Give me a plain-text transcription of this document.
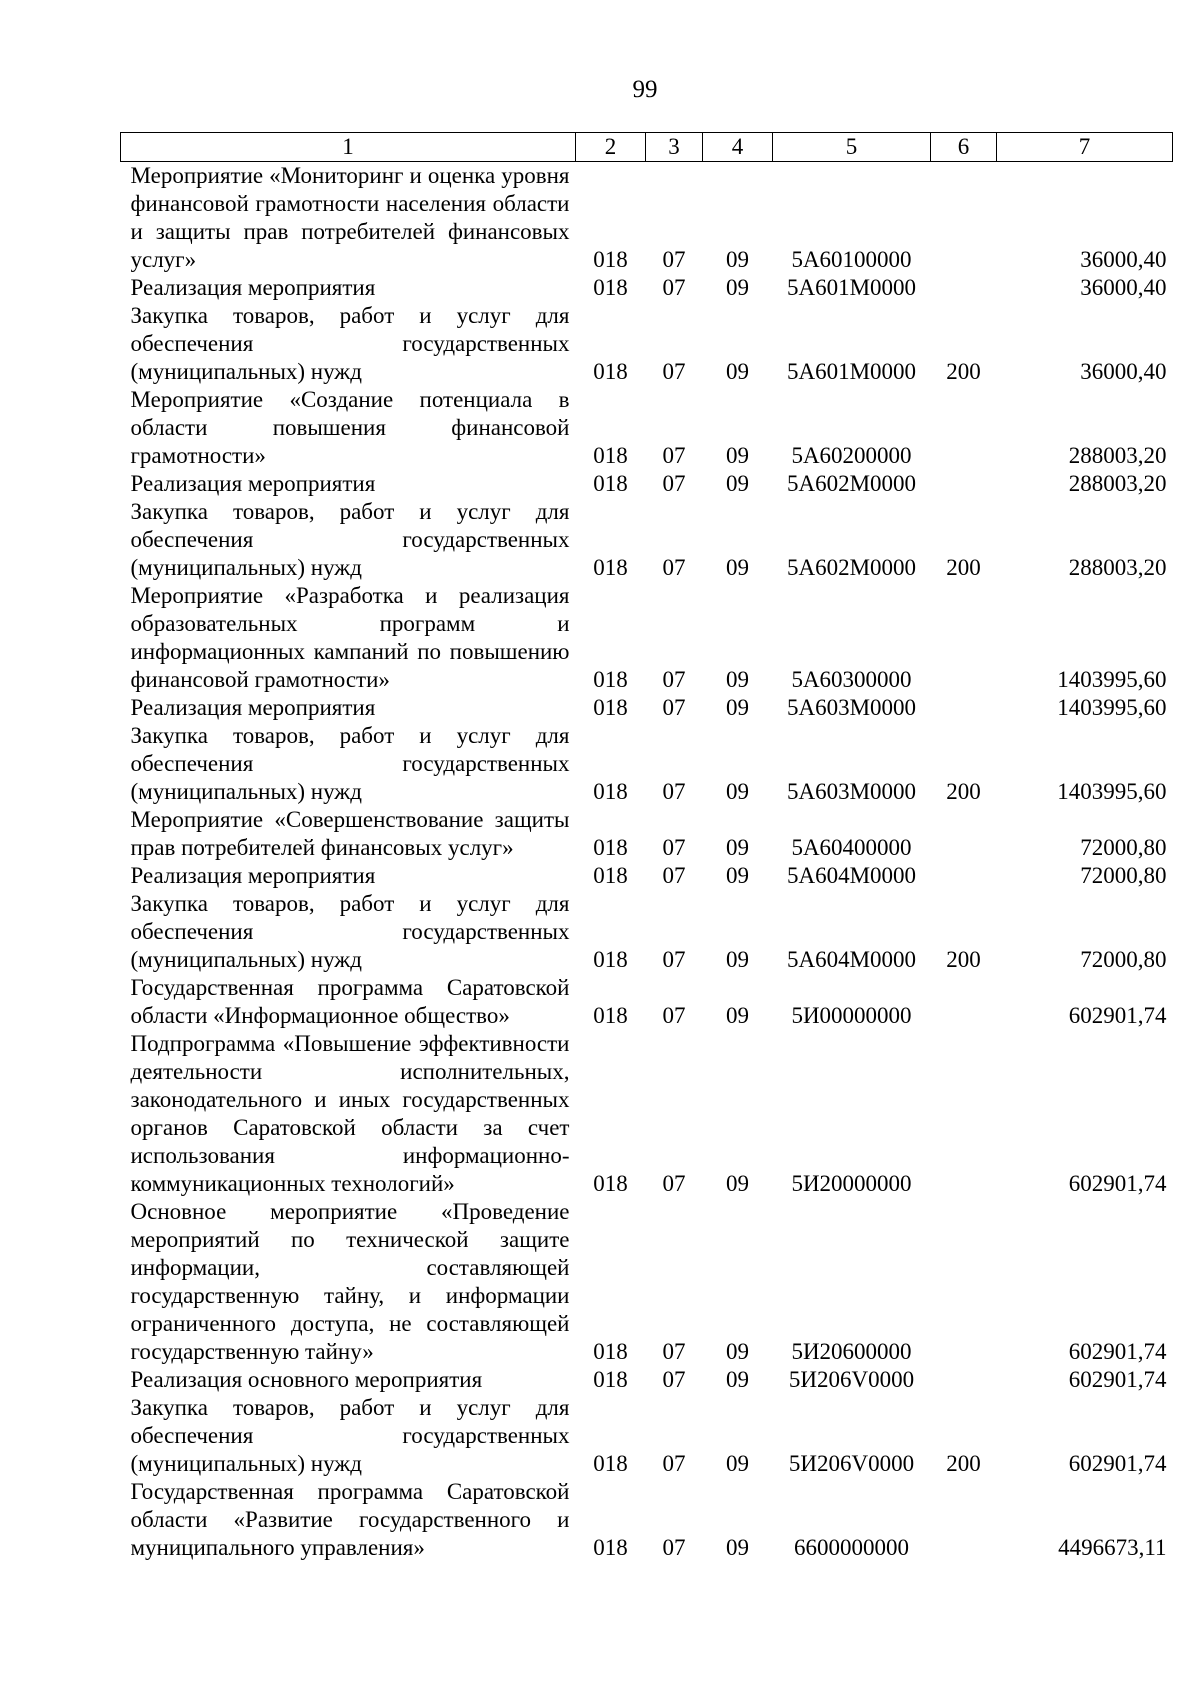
99
1	2	3	4	5	6	7
Мероприятие «Мониторинг и оценка уровня финансовой грамотности населения области и защиты прав потребителей финансовых услуг»	018	07	09	5А60100000		36000,40
Реализация мероприятия	018	07	09	5А601М0000		36000,40
Закупка товаров, работ и услуг для обеспечения государственных (муниципальных) нужд	018	07	09	5А601М0000	200	36000,40
Мероприятие «Создание потенциала в области повышения финансовой грамотности»	018	07	09	5А60200000		288003,20
Реализация мероприятия	018	07	09	5А602М0000		288003,20
Закупка товаров, работ и услуг для обеспечения государственных (муниципальных) нужд	018	07	09	5А602М0000	200	288003,20
Мероприятие «Разработка и реализация образовательных программ и информационных кампаний по повышению финансовой грамотности»	018	07	09	5А60300000		1403995,60
Реализация мероприятия	018	07	09	5А603М0000		1403995,60
Закупка товаров, работ и услуг для обеспечения государственных (муниципальных) нужд	018	07	09	5А603М0000	200	1403995,60
Мероприятие «Совершенствование защиты прав потребителей финансовых услуг»	018	07	09	5А60400000		72000,80
Реализация мероприятия	018	07	09	5А604М0000		72000,80
Закупка товаров, работ и услуг для обеспечения государственных (муниципальных) нужд	018	07	09	5А604М0000	200	72000,80
Государственная программа Саратовской области «Информационное общество»	018	07	09	5И00000000		602901,74
Подпрограмма «Повышение эффективности деятельности исполнительных, законодательного и иных государственных органов Саратовской области за счет использования информационно-коммуникационных технологий»	018	07	09	5И20000000		602901,74
Основное мероприятие «Проведение мероприятий по технической защите информации, составляющей государственную тайну, и информации ограниченного доступа, не составляющей государственную тайну»	018	07	09	5И20600000		602901,74
Реализация основного мероприятия	018	07	09	5И206V0000		602901,74
Закупка товаров, работ и услуг для обеспечения государственных (муниципальных) нужд	018	07	09	5И206V0000	200	602901,74
Государственная программа Саратовской области «Развитие государственного и муниципального управления»	018	07	09	6600000000		4496673,11
